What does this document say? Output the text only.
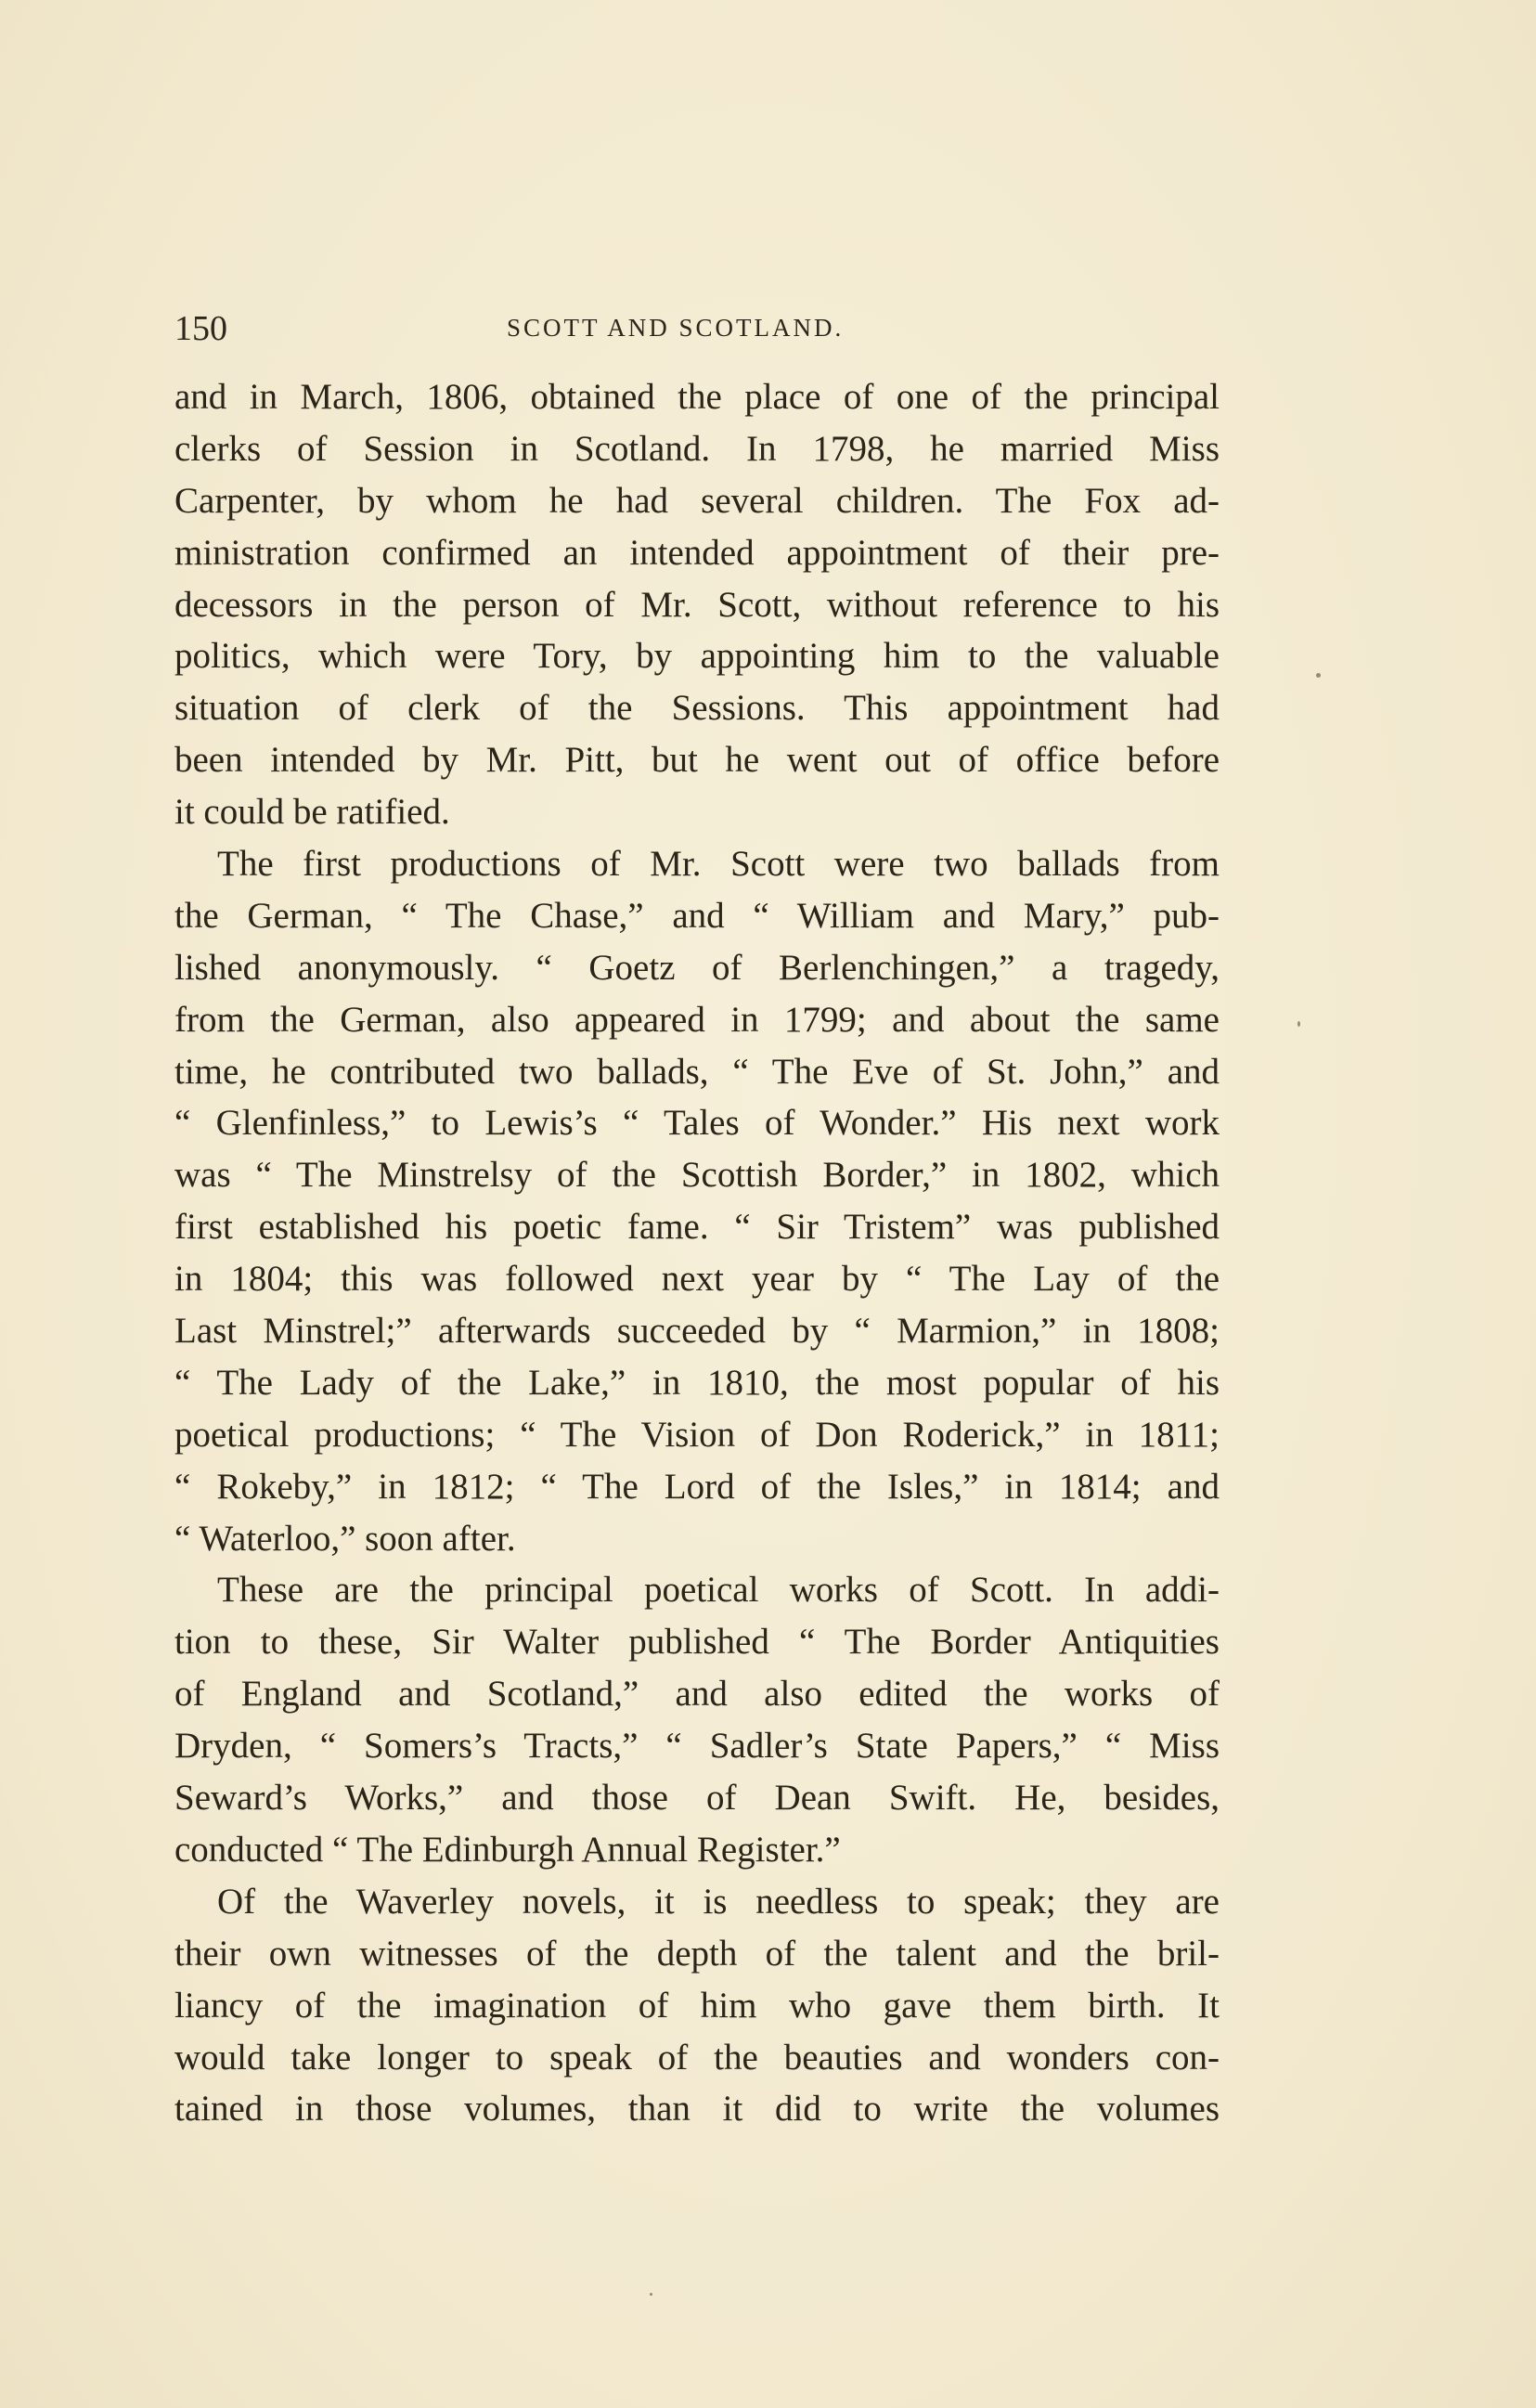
150	SCOTT AND SCOTLAND.
and in March, 1806, obtained the place of one of the principal
clerks of Session in Scotland. In 1798, he married Miss
Carpenter, by whom he had several children. The Fox ad-
ministration confirmed an intended appointment of their pre-
decessors in the person of Mr. Scott, without reference to his
politics, which were Tory, by appointing him to the valuable
situation of clerk of the Sessions. This appointment had
been intended by Mr. Pitt, but he went out of office before
it could be ratified.
The first productions of Mr. Scott were two ballads from
the German, “ The Chase,” and “ William and Mary,” pub-
lished anonymously. “ Goetz of Berlenchingen,” a tragedy,
from the German, also appeared in 1799; and about the same
time, he contributed two ballads, “ The Eve of St. John,” and
“ Glenfinless,” to Lewis’s “ Tales of Wonder.” His next work
was “ The Minstrelsy of the Scottish Border,” in 1802, which
first established his poetic fame. “ Sir Tristem” was published
in 1804; this was followed next year by “ The Lay of the
Last Minstrel;” afterwards succeeded by “ Marmion,” in 1808;
“ The Lady of the Lake,” in 1810, the most popular of his
poetical productions; “ The Vision of Don Roderick,” in 1811;
“ Rokeby,” in 1812; “ The Lord of the Isles,” in 1814; and
“ Waterloo,” soon after.
These are the principal poetical works of Scott. In addi-
tion to these, Sir Walter published “ The Border Antiquities
of England and Scotland,” and also edited the works of
Dryden, “ Somers’s Tracts,” “ Sadler’s State Papers,” “ Miss
Seward’s Works,” and those of Dean Swift. He, besides,
conducted “ The Edinburgh Annual Register.”
Of the Waverley novels, it is needless to speak; they are
their own witnesses of the depth of the talent and the bril-
liancy of the imagination of him who gave them birth. It
would take longer to speak of the beauties and wonders con-
tained in those volumes, than it did to write the volumes
